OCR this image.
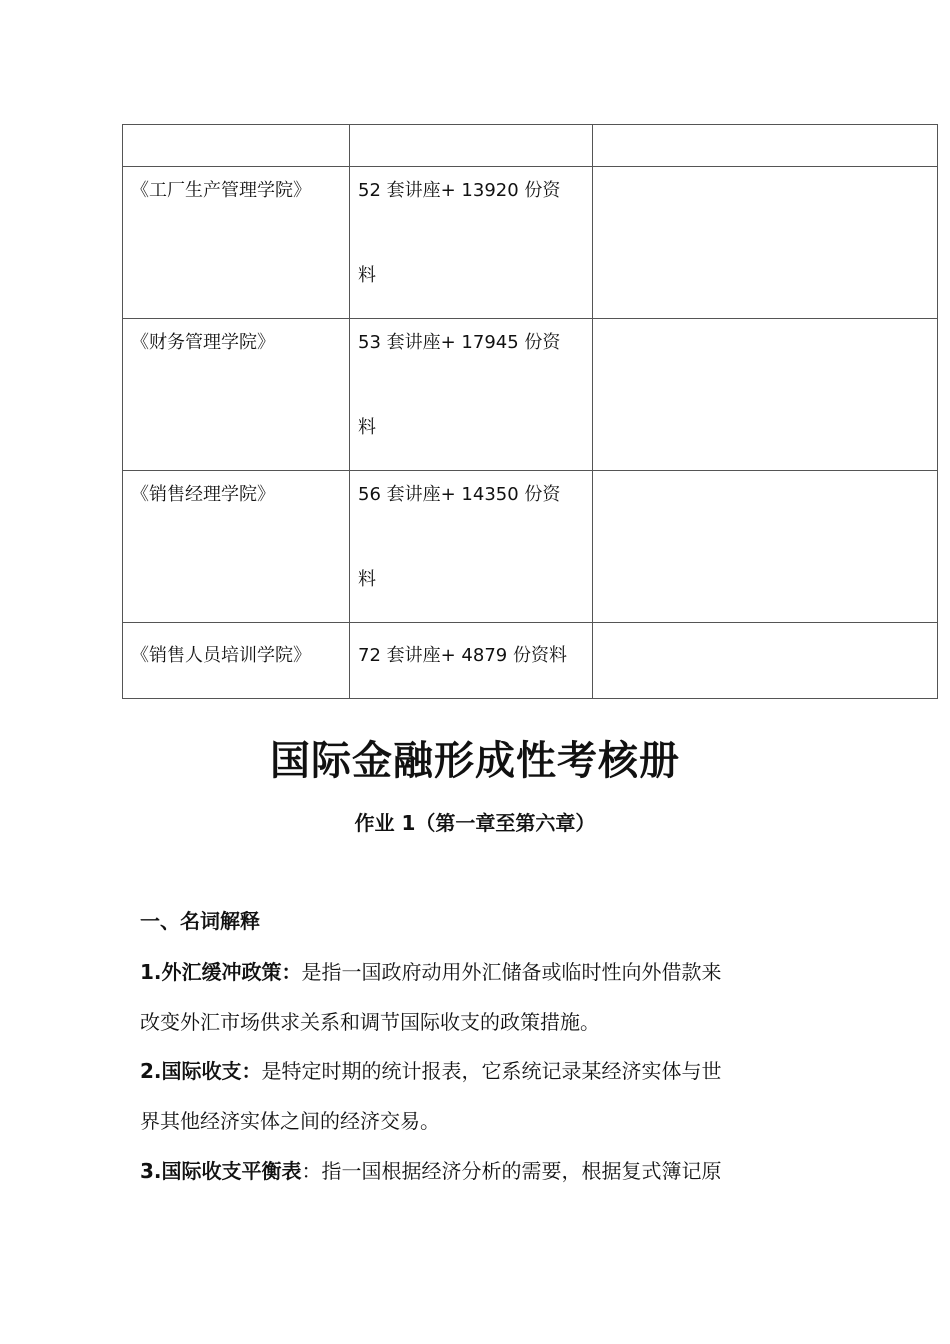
《工厂生产管理学院》	52 套讲座+ 13920 份资
料	

《财务管理学院》	53 套讲座+ 17945 份资
料	

《销售经理学院》	56 套讲座+ 14350 份资
料	

《销售人员培训学院》	72 套讲座+ 4879 份资料	

国际金融形成性考核册
作业 1（第一章至第六章）
一、名词解释
1.外汇缓冲政策：是指一国政府动用外汇储备或临时性向外借款来
改变外汇市场供求关系和调节国际收支的政策措施。
2.国际收支：是特定时期的统计报表，它系统记录某经济实体与世
界其他经济实体之间的经济交易。
3.国际收支平衡表：指一国根据经济分析的需要，根据复式簿记原
